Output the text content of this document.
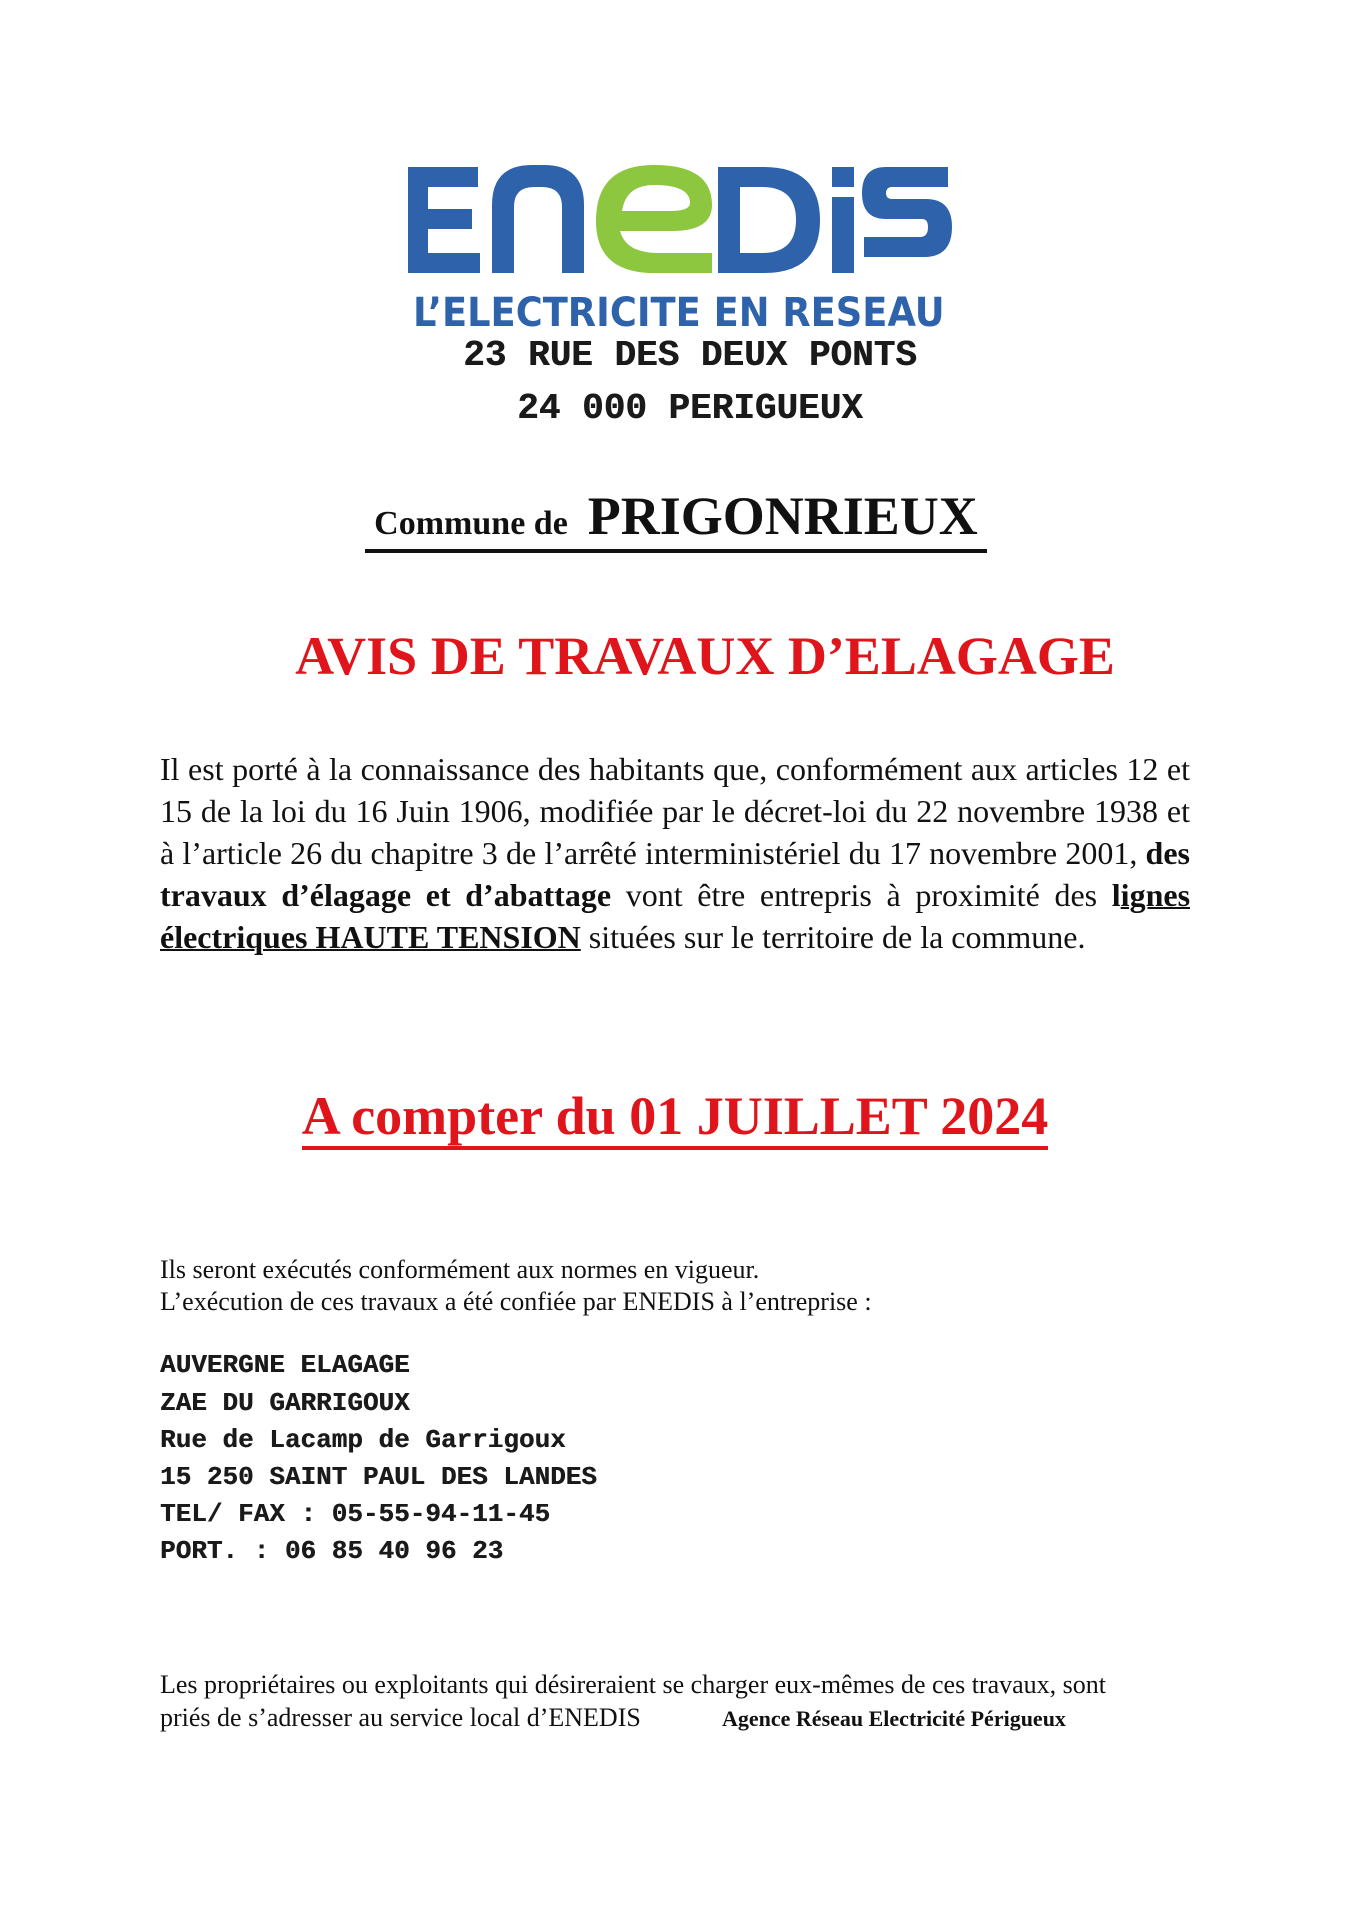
L’ELECTRICITE EN RESEAU
23 RUE DES DEUX PONTS
24 000 PERIGUEUX
Commune de PRIGONRIEUX
AVIS DE TRAVAUX D’ELAGAGE
Il est porté à la connaissance des habitants que, conformément aux articles 12 et 15 de la loi du 16 Juin 1906, modifiée par le décret-loi du 22 novembre 1938 et à l’article 26 du chapitre 3 de l’arrêté interministériel du 17 novembre 2001, des travaux d’élagage et d’abattage vont être entrepris à proximité des lignes électriques HAUTE TENSION situées sur le territoire de la commune.
A compter du 01 JUILLET 2024
Ils seront exécutés conformément aux normes en vigueur.
L’exécution de ces travaux a été confiée par ENEDIS à l’entreprise :
AUVERGNE ELAGAGE
ZAE DU GARRIGOUX
Rue de Lacamp de Garrigoux
15 250 SAINT PAUL DES LANDES
TEL/ FAX : 05-55-94-11-45
PORT. : 06 85 40 96 23
Les propriétaires ou exploitants qui désireraient se charger eux-mêmes de ces travaux, sont
priés de s’adresser au service local d’ENEDIS	Agence Réseau Electricité Périgueux
